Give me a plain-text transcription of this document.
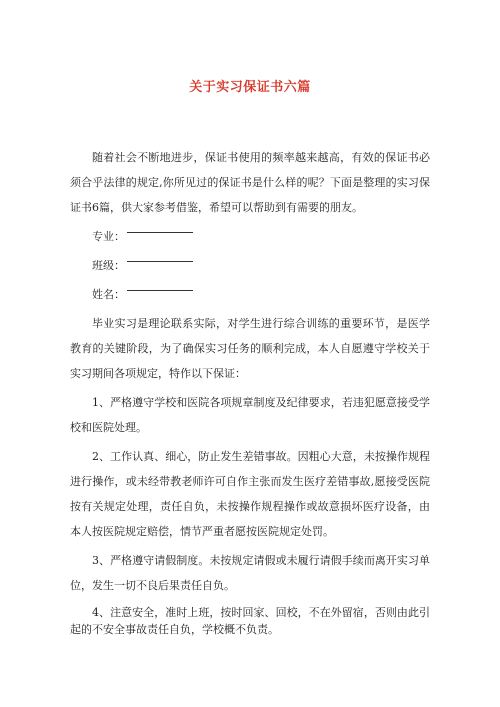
关于实习保证书六篇

随着社会不断地进步，保证书使用的频率越来越高，有效的保证书必须合乎法律的规定,你所见过的保证书是什么样的呢？下面是整理的实习保证书6篇，供大家参考借鉴，希望可以帮助到有需要的朋友。

专业：
班级：
姓名：

毕业实习是理论联系实际，对学生进行综合训练的重要环节，是医学教育的关键阶段，为了确保实习任务的顺利完成，本人自愿遵守学校关于实习期间各项规定，特作以下保证：

1、严格遵守学校和医院各项规章制度及纪律要求，若违犯愿意接受学校和医院处理。

2、工作认真、细心，防止发生差错事故。因粗心大意，未按操作规程进行操作，或未经带教老师许可自作主张而发生医疗差错事故,愿接受医院按有关规定处理，责任自负，未按操作规程操作或故意损坏医疗设备，由本人按医院规定赔偿，情节严重者愿按医院规定处罚。

3、严格遵守请假制度。未按规定请假或未履行请假手续而离开实习单位，发生一切不良后果责任自负。

4、注意安全，准时上班，按时回家、回校，不在外留宿，否则由此引起的不安全事故责任自负，学校概不负责。
